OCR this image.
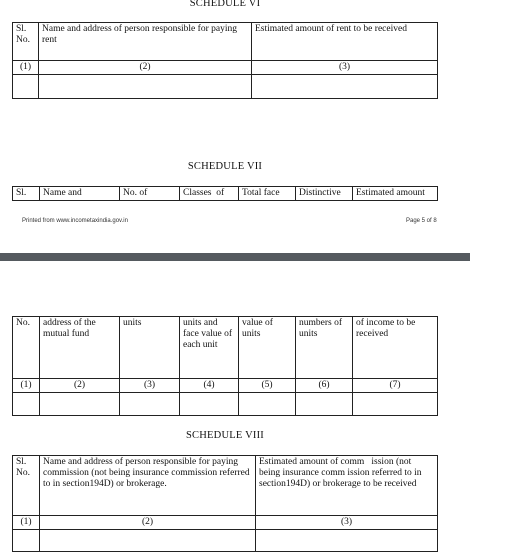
SCHEDULE VI
Sl.
No.	Name and address of person responsible for paying rent	Estimated amount of rent to be received
(1)	(2)	(3)

SCHEDULE VII
Sl.	Name and	No. of	Classes  of	Total face	Distinctive	Estimated amount
Printed from www.incometaxindia.gov.in	Page 5 of 8
No.	address of the mutual fund	units	units and face value of each unit	value of units	numbers of units	of income to be received
(1)	(2)	(3)	(4)	(5)	(6)	(7)

SCHEDULE VIII
Sl.
No.	Name and address of person responsible for paying commission (not being insurance commission referred to in section194D) or brokerage.	Estimated amount of comm   ission (not being insurance comm ission referred to in section194D) or brokerage to be received
(1)	(2)	(3)
